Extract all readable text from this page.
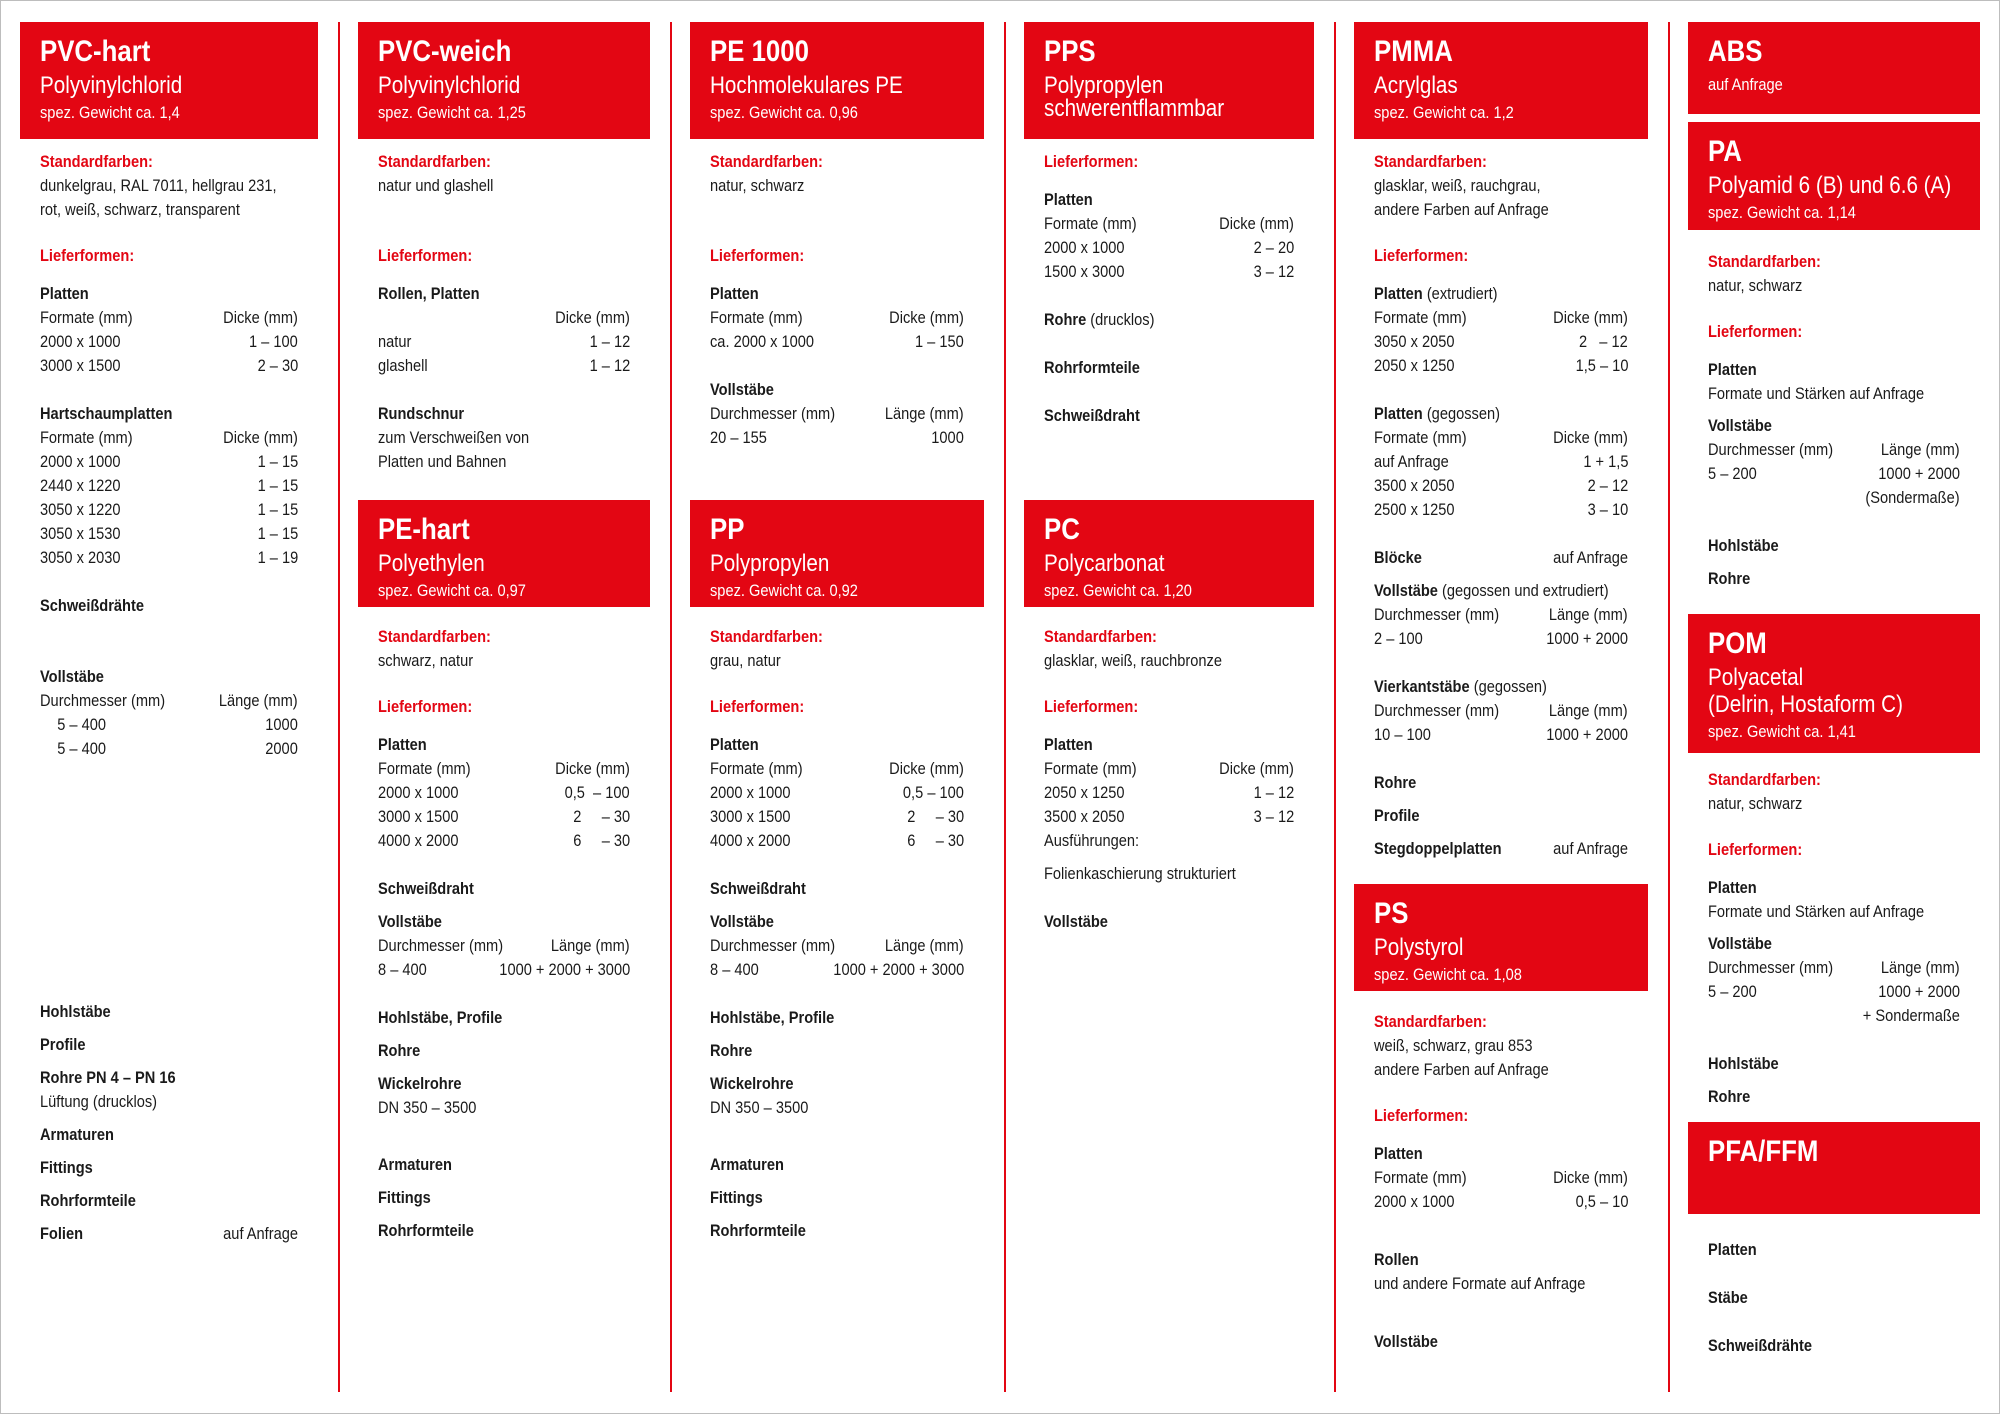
PVC-hart
Polyvinylchlorid
spez. Gewicht ca. 1,4
Standardfarben:
dunkelgrau, RAL 7011, hellgrau 231,
rot, weiß, schwarz, transparent
Lieferformen:
Platten
Formate (mm)	Dicke (mm)
2000 x 1000	1 – 100
3000 x 1500	2 – 30
Hartschaumplatten
Formate (mm)	Dicke (mm)
2000 x 1000	1 – 15
2440 x 1220	1 – 15
3050 x 1220	1 – 15
3050 x 1530	1 – 15
3050 x 2030	1 – 19
Schweißdrähte
Vollstäbe
Durchmesser (mm)	Länge (mm)
5 – 400	1000
5 – 400	2000
Hohlstäbe
Profile
Rohre PN 4 – PN 16
Lüftung (drucklos)
Armaturen
Fittings
Rohrformteile
Folien	auf Anfrage
PVC-weich
Polyvinylchlorid
spez. Gewicht ca. 1,25
Standardfarben:
natur und glashell
Lieferformen:
Rollen, Platten
Dicke (mm)
natur	1 – 12
glashell	1 – 12
Rundschnur
zum Verschweißen von
Platten und Bahnen
PE-hart
Polyethylen
spez. Gewicht ca. 0,97
Standardfarben:
schwarz, natur
Lieferformen:
Platten
Formate (mm)	Dicke (mm)
2000 x 1000	0,5  – 100
3000 x 1500	2     – 30
4000 x 2000	6     – 30
Schweißdraht
Vollstäbe
Durchmesser (mm)	Länge (mm)
8 – 400	1000 + 2000 + 3000
Hohlstäbe, Profile
Rohre
Wickelrohre
DN 350 – 3500
Armaturen
Fittings
Rohrformteile
PE 1000
Hochmolekulares PE
spez. Gewicht ca. 0,96
Standardfarben:
natur, schwarz
Lieferformen:
Platten
Formate (mm)	Dicke (mm)
ca. 2000 x 1000	1 – 150
Vollstäbe
Durchmesser (mm)	Länge (mm)
20 – 155	1000
PP
Polypropylen
spez. Gewicht ca. 0,92
Standardfarben:
grau, natur
Lieferformen:
Platten
Formate (mm)	Dicke (mm)
2000 x 1000	0,5 – 100
3000 x 1500	2     – 30
4000 x 2000	6     – 30
Schweißdraht
Vollstäbe
Durchmesser (mm)	Länge (mm)
8 – 400	1000 + 2000 + 3000
Hohlstäbe, Profile
Rohre
Wickelrohre
DN 350 – 3500
Armaturen
Fittings
Rohrformteile
PPS
Polypropylen
schwerentflammbar
Lieferformen:
Platten
Formate (mm)	Dicke (mm)
2000 x 1000	2 – 20
1500 x 3000	3 – 12
Rohre (drucklos)
Rohrformteile
Schweißdraht
PC
Polycarbonat
spez. Gewicht ca. 1,20
Standardfarben:
glasklar, weiß, rauchbronze
Lieferformen:
Platten
Formate (mm)	Dicke (mm)
2050 x 1250	1 – 12
3500 x 2050	3 – 12
Ausführungen:
Folienkaschierung strukturiert
Vollstäbe
PMMA
Acrylglas
spez. Gewicht ca. 1,2
Standardfarben:
glasklar, weiß, rauchgrau,
andere Farben auf Anfrage
Lieferformen:
Platten (extrudiert)
Formate (mm)	Dicke (mm)
3050 x 2050	2   – 12
2050 x 1250	1,5 – 10
Platten (gegossen)
Formate (mm)	Dicke (mm)
auf Anfrage	1 + 1,5
3500 x 2050	2 – 12
2500 x 1250	3 – 10
Blöcke	auf Anfrage
Vollstäbe (gegossen und extrudiert)
Durchmesser (mm)	Länge (mm)
2 – 100	1000 + 2000
Vierkantstäbe (gegossen)
Durchmesser (mm)	Länge (mm)
10 – 100	1000 + 2000
Rohre
Profile
Stegdoppelplatten	auf Anfrage
PS
Polystyrol
spez. Gewicht ca. 1,08
Standardfarben:
weiß, schwarz, grau 853
andere Farben auf Anfrage
Lieferformen:
Platten
Formate (mm)	Dicke (mm)
2000 x 1000	0,5 – 10
Rollen
und andere Formate auf Anfrage
Vollstäbe
ABS
auf Anfrage
PA
Polyamid 6 (B) und 6.6 (A)
spez. Gewicht ca. 1,14
Standardfarben:
natur, schwarz
Lieferformen:
Platten
Formate und Stärken auf Anfrage
Vollstäbe
Durchmesser (mm)	Länge (mm)
5 – 200	1000 + 2000
(Sondermaße)
Hohlstäbe
Rohre
POM
Polyacetal
(Delrin, Hostaform C)
spez. Gewicht ca. 1,41
Standardfarben:
natur, schwarz
Lieferformen:
Platten
Formate und Stärken auf Anfrage
Vollstäbe
Durchmesser (mm)	Länge (mm)
5 – 200	1000 + 2000
+ Sondermaße
Hohlstäbe
Rohre
PFA/FFM
Platten
Stäbe
Schweißdrähte
